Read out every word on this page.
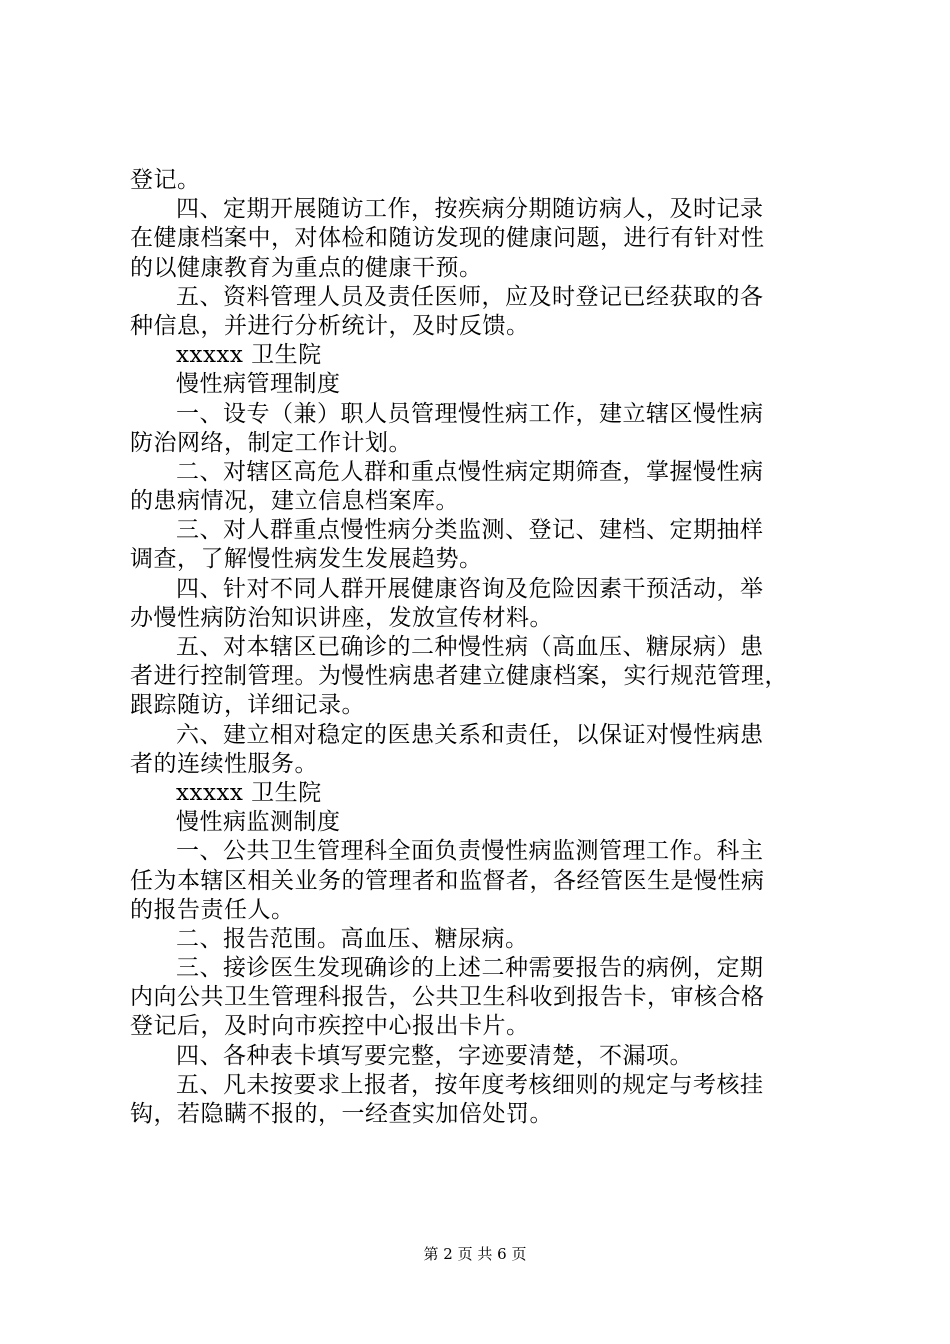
登记。
四、定期开展随访工作，按疾病分期随访病人，及时记录
在健康档案中，对体检和随访发现的健康问题，进行有针对性
的以健康教育为重点的健康干预。
五、资料管理人员及责任医师，应及时登记已经获取的各
种信息，并进行分析统计，及时反馈。
xxxxx 卫生院
慢性病管理制度
一、设专（兼）职人员管理慢性病工作，建立辖区慢性病
防治网络，制定工作计划。
二、对辖区高危人群和重点慢性病定期筛查，掌握慢性病
的患病情况，建立信息档案库。
三、对人群重点慢性病分类监测、登记、建档、定期抽样
调查，了解慢性病发生发展趋势。
四、针对不同人群开展健康咨询及危险因素干预活动，举
办慢性病防治知识讲座，发放宣传材料。
五、对本辖区已确诊的二种慢性病（高血压、糖尿病）患
者进行控制管理。为慢性病患者建立健康档案，实行规范管理，
跟踪随访，详细记录。
六、建立相对稳定的医患关系和责任，以保证对慢性病患
者的连续性服务。
xxxxx 卫生院
慢性病监测制度
一、公共卫生管理科全面负责慢性病监测管理工作。科主
任为本辖区相关业务的管理者和监督者，各经管医生是慢性病
的报告责任人。
二、报告范围。高血压、糖尿病。
三、接诊医生发现确诊的上述二种需要报告的病例，定期
内向公共卫生管理科报告，公共卫生科收到报告卡，审核合格
登记后，及时向市疾控中心报出卡片。
四、各种表卡填写要完整，字迹要清楚，不漏项。
五、凡未按要求上报者，按年度考核细则的规定与考核挂
钩，若隐瞒不报的，一经查实加倍处罚。
第 2 页 共 6 页
